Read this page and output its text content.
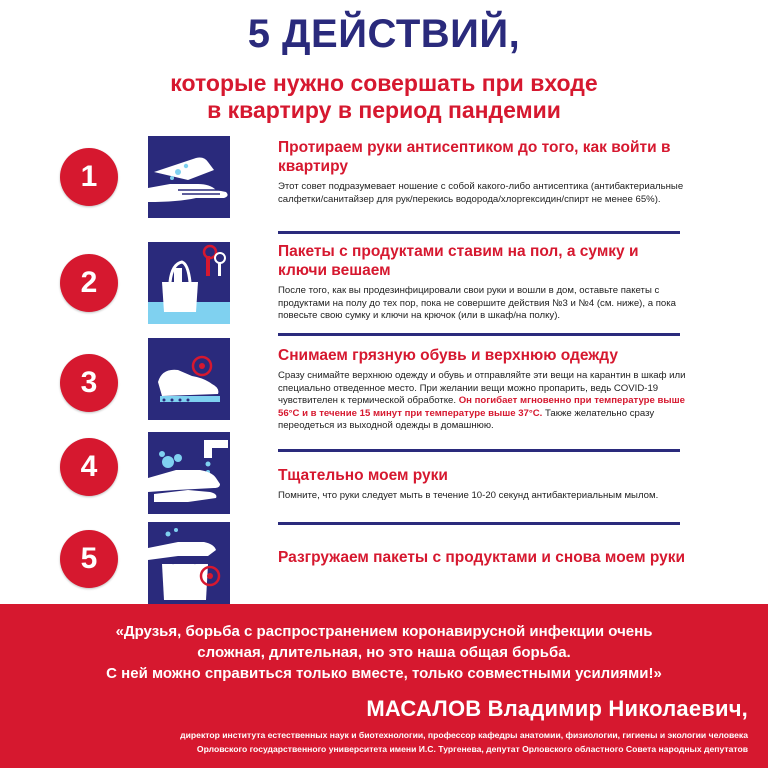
5 ДЕЙСТВИЙ,
которые нужно совершать при входе
в квартиру в период пандемии
1
Протираем руки антисептиком до того, как войти в квартиру
Этот совет подразумевает ношение с собой какого-либо антисептика (антибактериальные салфетки/санитайзер для рук/перекись водорода/хлоргексидин/спирт не менее 65%).
2
Пакеты с продуктами ставим на пол, а сумку и ключи вешаем
После того, как вы продезинфицировали свои руки и вошли в дом, оставьте пакеты с продуктами на полу до тех пор, пока не совершите действия №3 и №4 (см. ниже), а пока повесьте свою сумку и ключи на крючок (или в шкаф/на полку).
3
Снимаем грязную обувь и верхнюю одежду
Сразу снимайте верхнюю одежду и обувь и отправляйте эти вещи на карантин в шкаф или специально отведенное место. При желании вещи можно пропарить, ведь COVID-19 чувствителен к термической обработке. Он погибает мгновенно при температуре выше 56°С и в течение 15 минут при температуре выше 37°С. Также желательно сразу переодеться из выходной одежды в домашнюю.
4	Тщательно моем руки
Помните, что руки следует мыть в течение 10-20 секунд антибактериальным мылом.
5	Разгружаем пакеты с продуктами и снова моем руки
«Друзья, борьба с распространением коронавирусной инфекции очень
сложная, длительная, но это наша общая борьба.
С ней можно справиться только вместе, только совместными усилиями!»
МАСАЛОВ Владимир Николаевич,
директор института естественных наук и биотехнологии, профессор кафедры анатомии, физиологии, гигиены и экологии человека
Орловского государственного университета имени И.С. Тургенева, депутат Орловского областного Совета народных депутатов
